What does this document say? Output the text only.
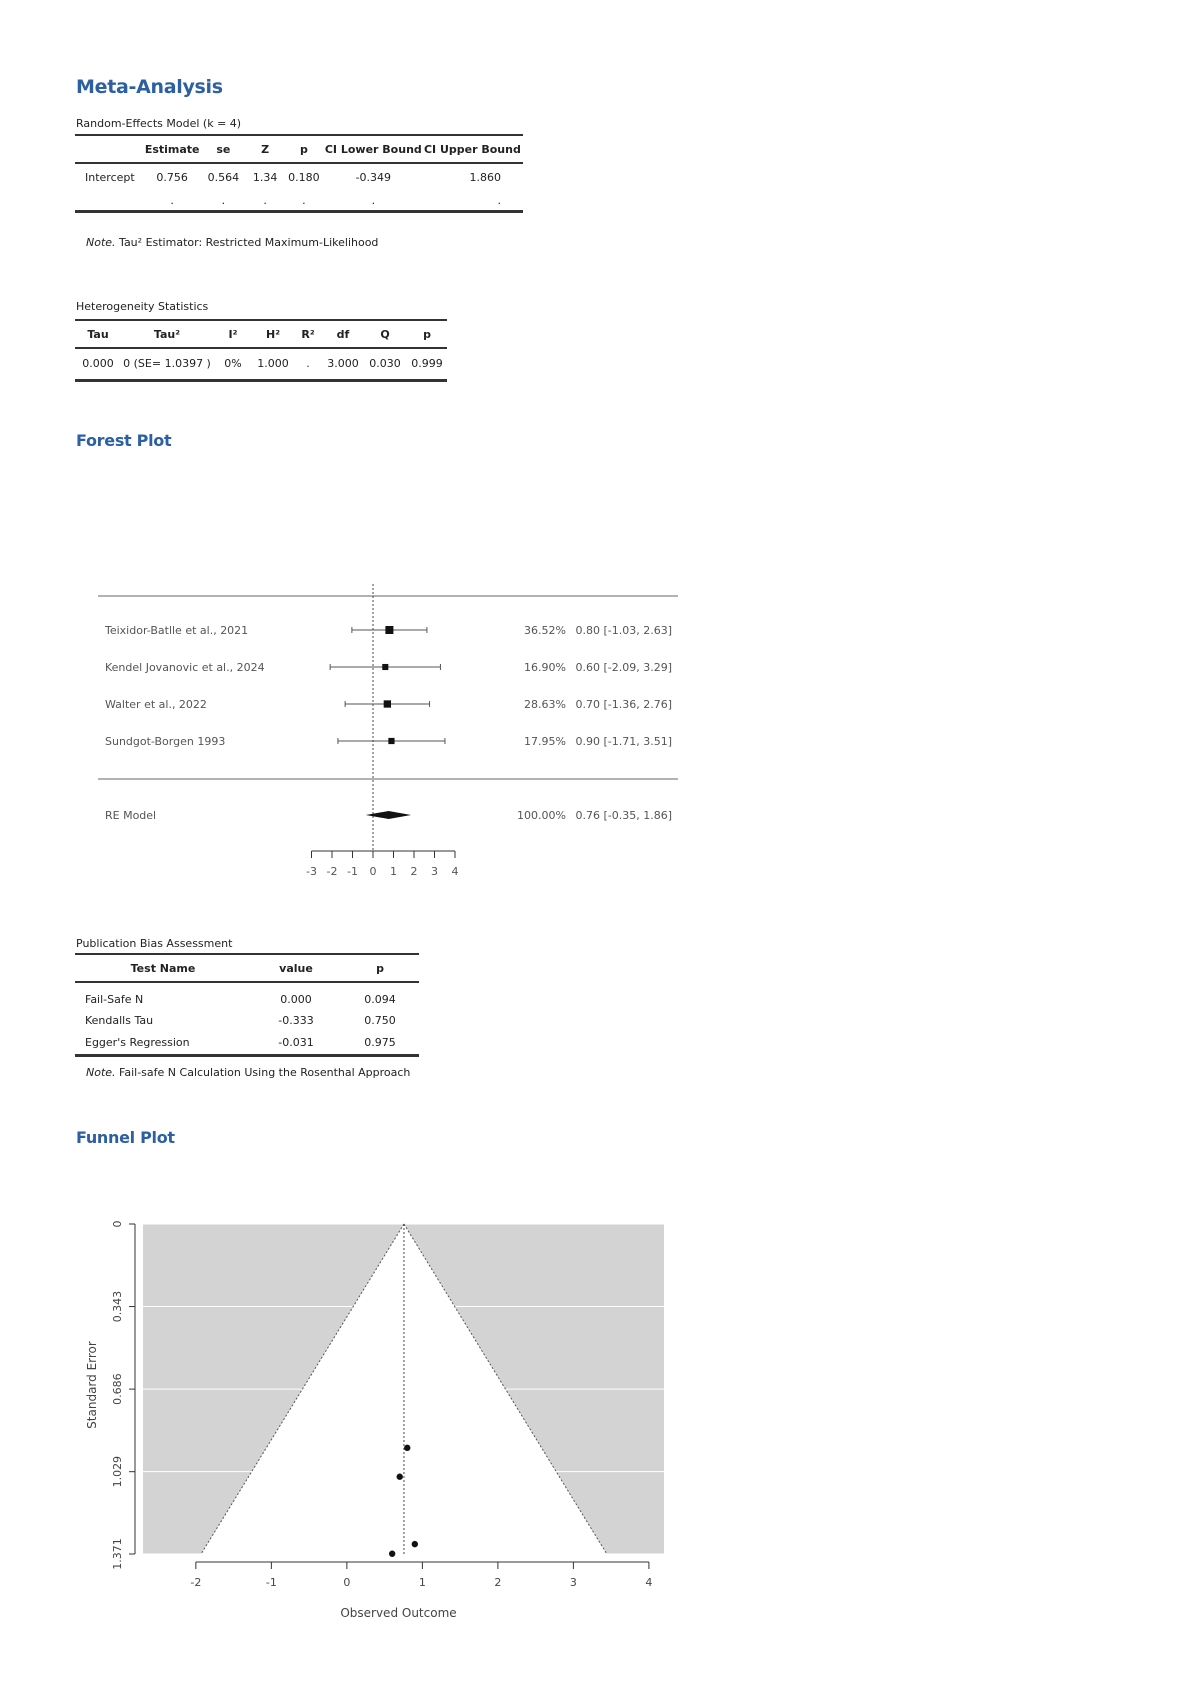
Meta-Analysis
Random-Effects Model (k = 4)
	Estimate	se	Z	p	CI Lower Bound	CI Upper Bound
Intercept	0.756	0.564	1.34	0.180	-0.349	1.860
	.	.	.	.	.	.
Note. Tau² Estimator: Restricted Maximum-Likelihood
Heterogeneity Statistics
Tau	Tau²	I²	H²	R²	df	Q	p
0.000	0 (SE= 1.0397 )	0%	1.000	.	3.000	0.030	0.999
Forest Plot
Teixidor-Batlle et al., 2021	36.52% 0.80 [-1.03, 2.63]
Kendel Jovanovic et al., 2024	16.90% 0.60 [-2.09, 3.29]
Walter et al., 2022	28.63% 0.70 [-1.36, 2.76]
Sundgot-Borgen 1993	17.95% 0.90 [-1.71, 3.51]
RE Model	100.00% 0.76 [-0.35, 1.86]
-3 -2 -1 0 1 2 3 4
Publication Bias Assessment
Test Name	value	p
Fail-Safe N	0.000	0.094
Kendalls Tau	-0.333	0.750
Egger's Regression	-0.031	0.975
Note. Fail-safe N Calculation Using the Rosenthal Approach
Funnel Plot
-2	-1	0	1	2	3	4
Observed Outcome
0
0.343
0.686
1.029
1.371
Standard Error
